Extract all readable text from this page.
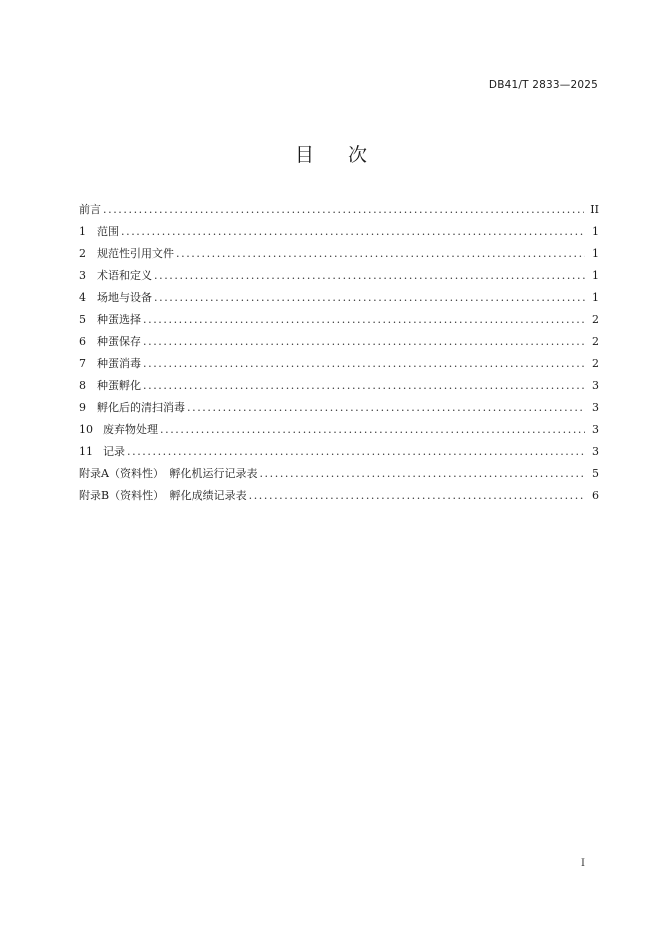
DB41/T 2833—2025
目次
前言 .....	II
1 范围 .....	1
2 规范性引用文件 .....	1
3 术语和定义 .....	1
4 场地与设备 .....	1
5 种蛋选择 .....	2
6 种蛋保存 .....	2
7 种蛋消毒 .....	2
8 种蛋孵化 .....	3
9 孵化后的清扫消毒 .....	3
10 废弃物处理 .....	3
11 记录 .....	3
附录A（资料性）　孵化机运行记录表 .....	5
附录B（资料性）　孵化成绩记录表 .....	6
I
